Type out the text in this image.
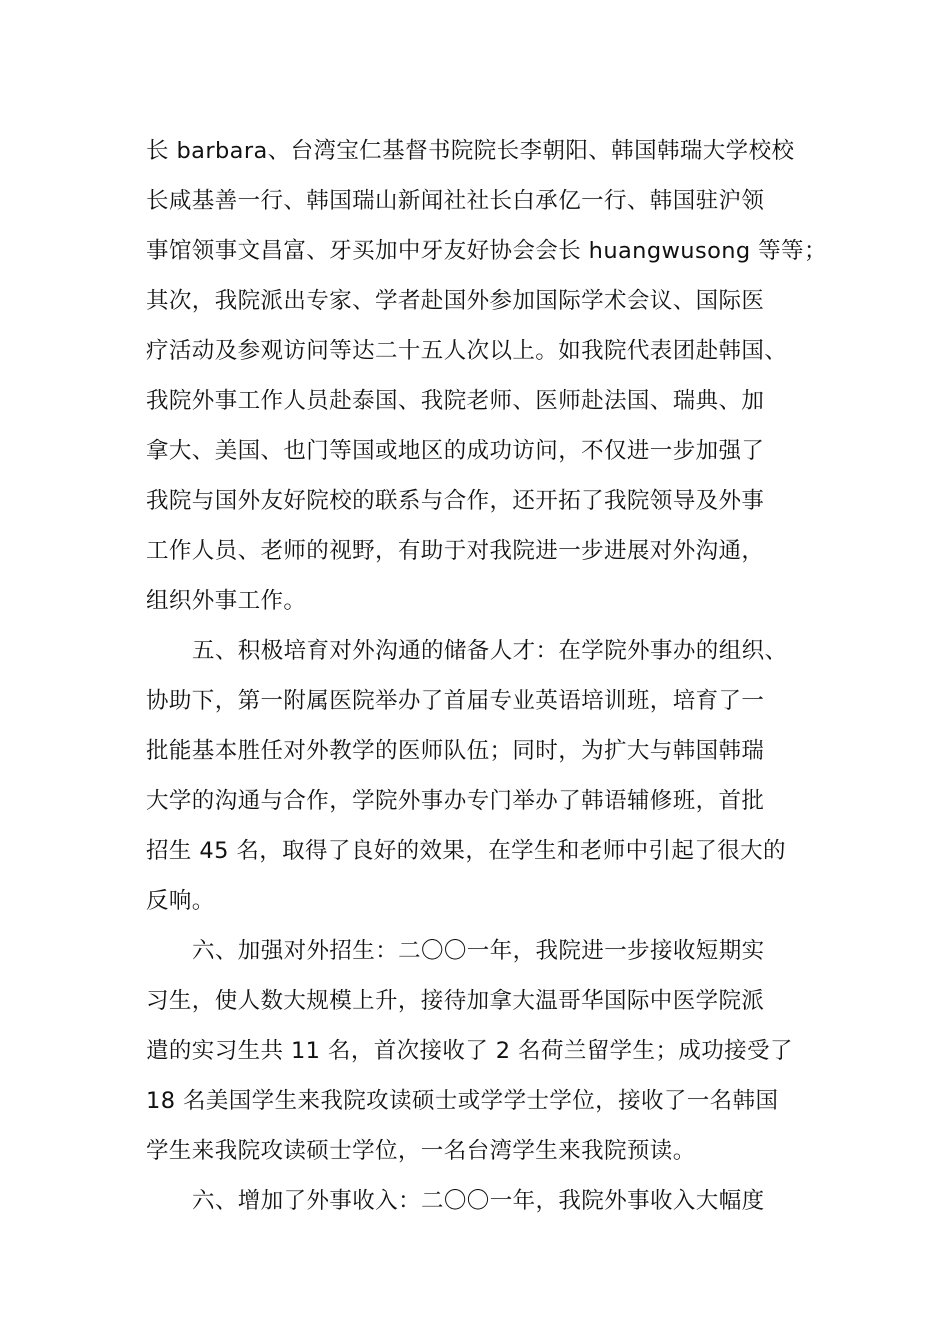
长 barbara、台湾宝仁基督书院院长李朝阳、韩国韩瑞大学校校
长咸基善一行、韩国瑞山新闻社社长白承亿一行、韩国驻沪领
事馆领事文昌富、牙买加中牙友好协会会长 huangwusong 等等；
其次，我院派出专家、学者赴国外参加国际学术会议、国际医
疗活动及参观访问等达二十五人次以上。如我院代表团赴韩国、
我院外事工作人员赴泰国、我院老师、医师赴法国、瑞典、加
拿大、美国、也门等国或地区的成功访问，不仅进一步加强了
我院与国外友好院校的联系与合作，还开拓了我院领导及外事
工作人员、老师的视野，有助于对我院进一步进展对外沟通，
组织外事工作。
五、积极培育对外沟通的储备人才：在学院外事办的组织、
协助下，第一附属医院举办了首届专业英语培训班，培育了一
批能基本胜任对外教学的医师队伍；同时，为扩大与韩国韩瑞
大学的沟通与合作，学院外事办专门举办了韩语辅修班，首批
招生 45 名，取得了良好的效果，在学生和老师中引起了很大的
反响。
六、加强对外招生：二〇〇一年，我院进一步接收短期实
习生，使人数大规模上升，接待加拿大温哥华国际中医学院派
遣的实习生共 11 名，首次接收了 2 名荷兰留学生；成功接受了
18 名美国学生来我院攻读硕士或学学士学位，接收了一名韩国
学生来我院攻读硕士学位，一名台湾学生来我院预读。
六、增加了外事收入：二〇〇一年，我院外事收入大幅度
